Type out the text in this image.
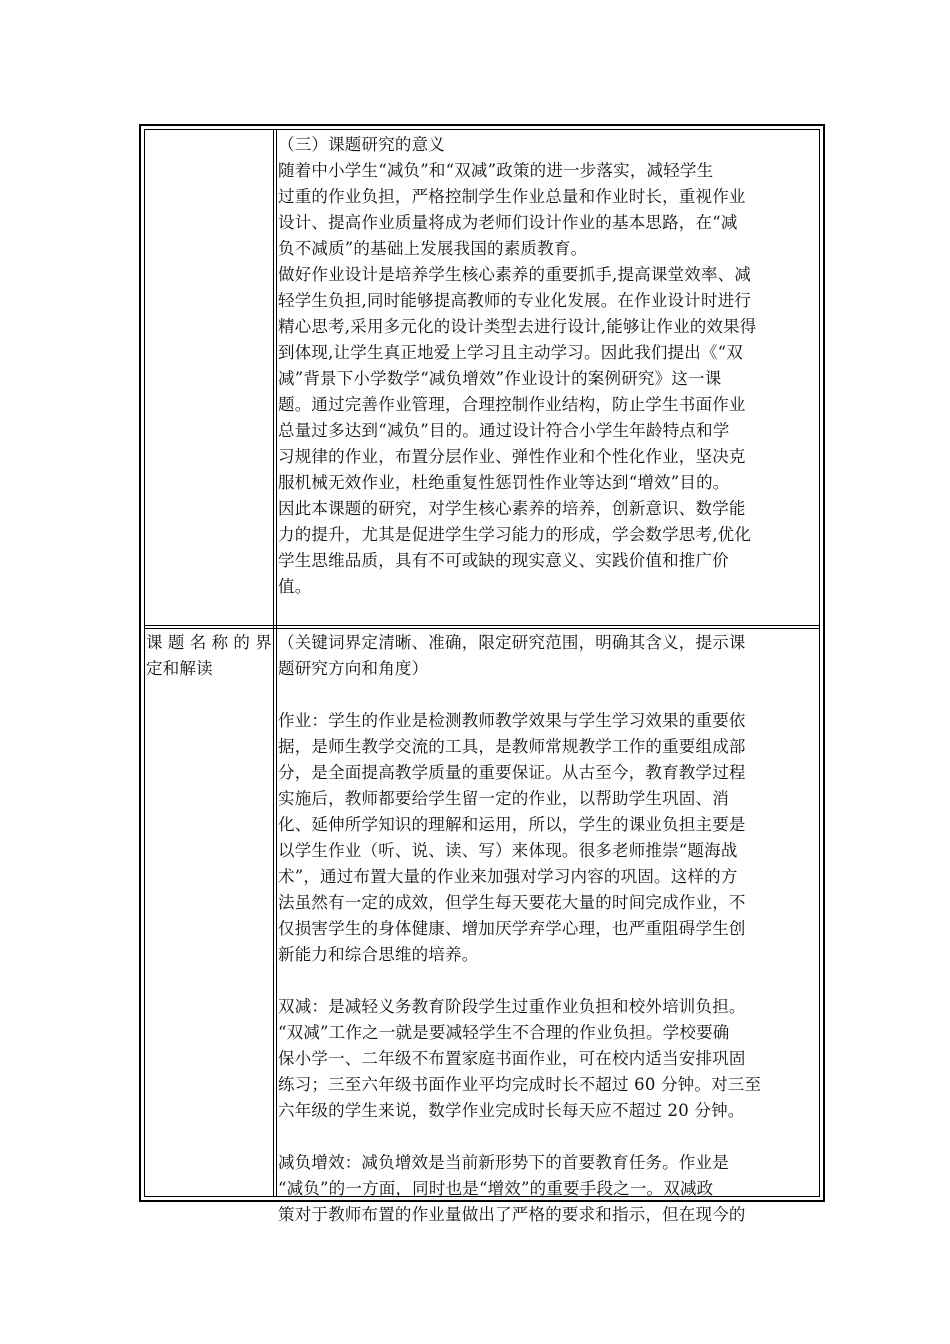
（三）课题研究的意义

随着中小学生“减负”和“双减”政策的进一步落实，减轻学生

过重的作业负担，严格控制学生作业总量和作业时长，重视作业

设计、提高作业质量将成为老师们设计作业的基本思路，在“减

负不减质”的基础上发展我国的素质教育。

做好作业设计是培养学生核心素养的重要抓手,提高课堂效率、减

轻学生负担,同时能够提高教师的专业化发展。在作业设计时进行

精心思考,采用多元化的设计类型去进行设计,能够让作业的效果得

到体现,让学生真正地爱上学习且主动学习。因此我们提出《“双

减”背景下小学数学“减负增效”作业设计的案例研究》这一课

题。通过完善作业管理，合理控制作业结构，防止学生书面作业

总量过多达到“减负”目的。通过设计符合小学生年龄特点和学

习规律的作业，布置分层作业、弹性作业和个性化作业，坚决克

服机械无效作业，杜绝重复性惩罚性作业等达到“增效”目的。

因此本课题的研究，对学生核心素养的培养，创新意识、数学能

力的提升，尤其是促进学生学习能力的形成，学会数学思考,优化

学生思维品质，具有不可或缺的现实意义、实践价值和推广价

值。

课题名称的界

定和解读

（关键词界定清晰、准确，限定研究范围，明确其含义，提示课

题研究方向和角度）

作业：学生的作业是检测教师教学效果与学生学习效果的重要依

据，是师生教学交流的工具，是教师常规教学工作的重要组成部

分，是全面提高教学质量的重要保证。从古至今，教育教学过程

实施后，教师都要给学生留一定的作业，以帮助学生巩固、消

化、延伸所学知识的理解和运用，所以，学生的课业负担主要是

以学生作业（听、说、读、写）来体现。很多老师推崇“题海战

术”，通过布置大量的作业来加强对学习内容的巩固。这样的方

法虽然有一定的成效，但学生每天要花大量的时间完成作业，不

仅损害学生的身体健康、增加厌学弃学心理，也严重阻碍学生创

新能力和综合思维的培养。

双减：是减轻义务教育阶段学生过重作业负担和校外培训负担。

“双减”工作之一就是要减轻学生不合理的作业负担。学校要确

保小学一、二年级不布置家庭书面作业，可在校内适当安排巩固

练习；三至六年级书面作业平均完成时长不超过 60 分钟。对三至

六年级的学生来说，数学作业完成时长每天应不超过 20 分钟。

减负增效：减负增效是当前新形势下的首要教育任务。作业是

“减负”的一方面，同时也是“增效”的重要手段之一。双减政

策对于教师布置的作业量做出了严格的要求和指示，但在现今的
